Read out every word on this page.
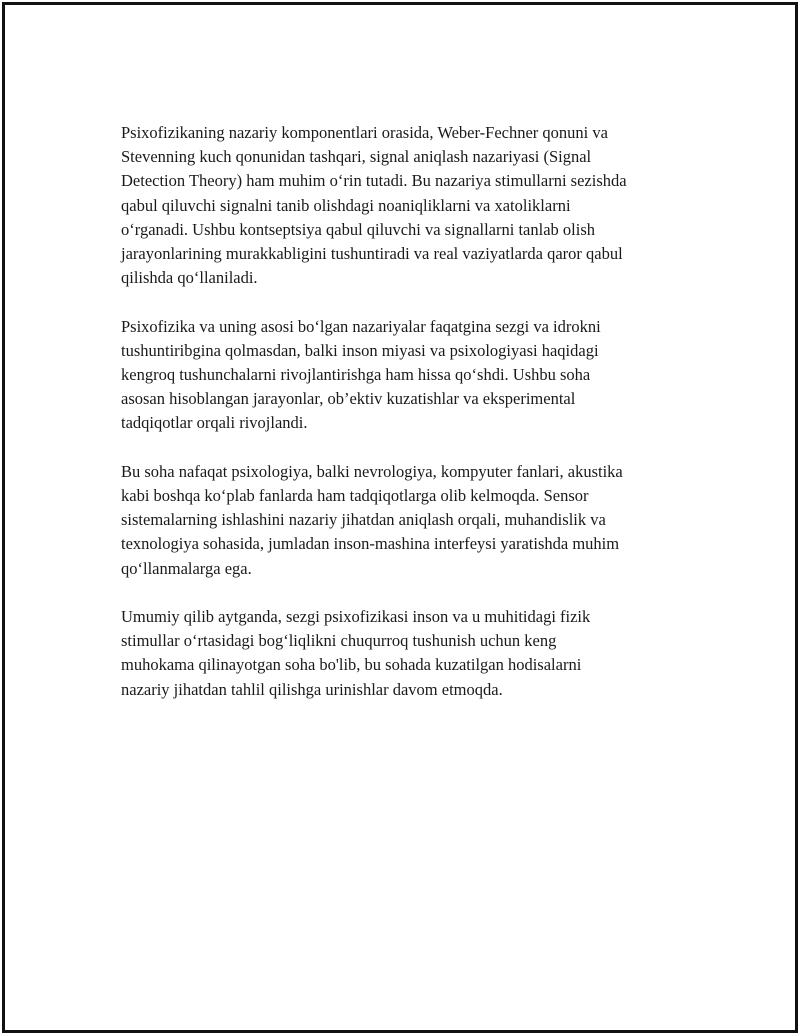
Psixofizikaning nazariy komponentlari orasida, Weber-Fechner qonuni va
Stevenning kuch qonunidan tashqari, signal aniqlash nazariyasi (Signal
Detection Theory) ham muhim o‘rin tutadi. Bu nazariya stimullarni sezishda
qabul qiluvchi signalni tanib olishdagi noaniqliklarni va xatoliklarni
o‘rganadi. Ushbu kontseptsiya qabul qiluvchi va signallarni tanlab olish
jarayonlarining murakkabligini tushuntiradi va real vaziyatlarda qaror qabul
qilishda qo‘llaniladi.

Psixofizika va uning asosi bo‘lgan nazariyalar faqatgina sezgi va idrokni
tushuntiribgina qolmasdan, balki inson miyasi va psixologiyasi haqidagi
kengroq tushunchalarni rivojlantirishga ham hissa qo‘shdi. Ushbu soha
asosan hisoblangan jarayonlar, ob’ektiv kuzatishlar va eksperimental
tadqiqotlar orqali rivojlandi.

Bu soha nafaqat psixologiya, balki nevrologiya, kompyuter fanlari, akustika
kabi boshqa ko‘plab fanlarda ham tadqiqotlarga olib kelmoqda. Sensor
sistemalarning ishlashini nazariy jihatdan aniqlash orqali, muhandislik va
texnologiya sohasida, jumladan inson-mashina interfeysi yaratishda muhim
qo‘llanmalarga ega.

Umumiy qilib aytganda, sezgi psixofizikasi inson va u muhitidagi fizik
stimullar o‘rtasidagi bog‘liqlikni chuqurroq tushunish uchun keng
muhokama qilinayotgan soha bo'lib, bu sohada kuzatilgan hodisalarni
nazariy jihatdan tahlil qilishga urinishlar davom etmoqda.
